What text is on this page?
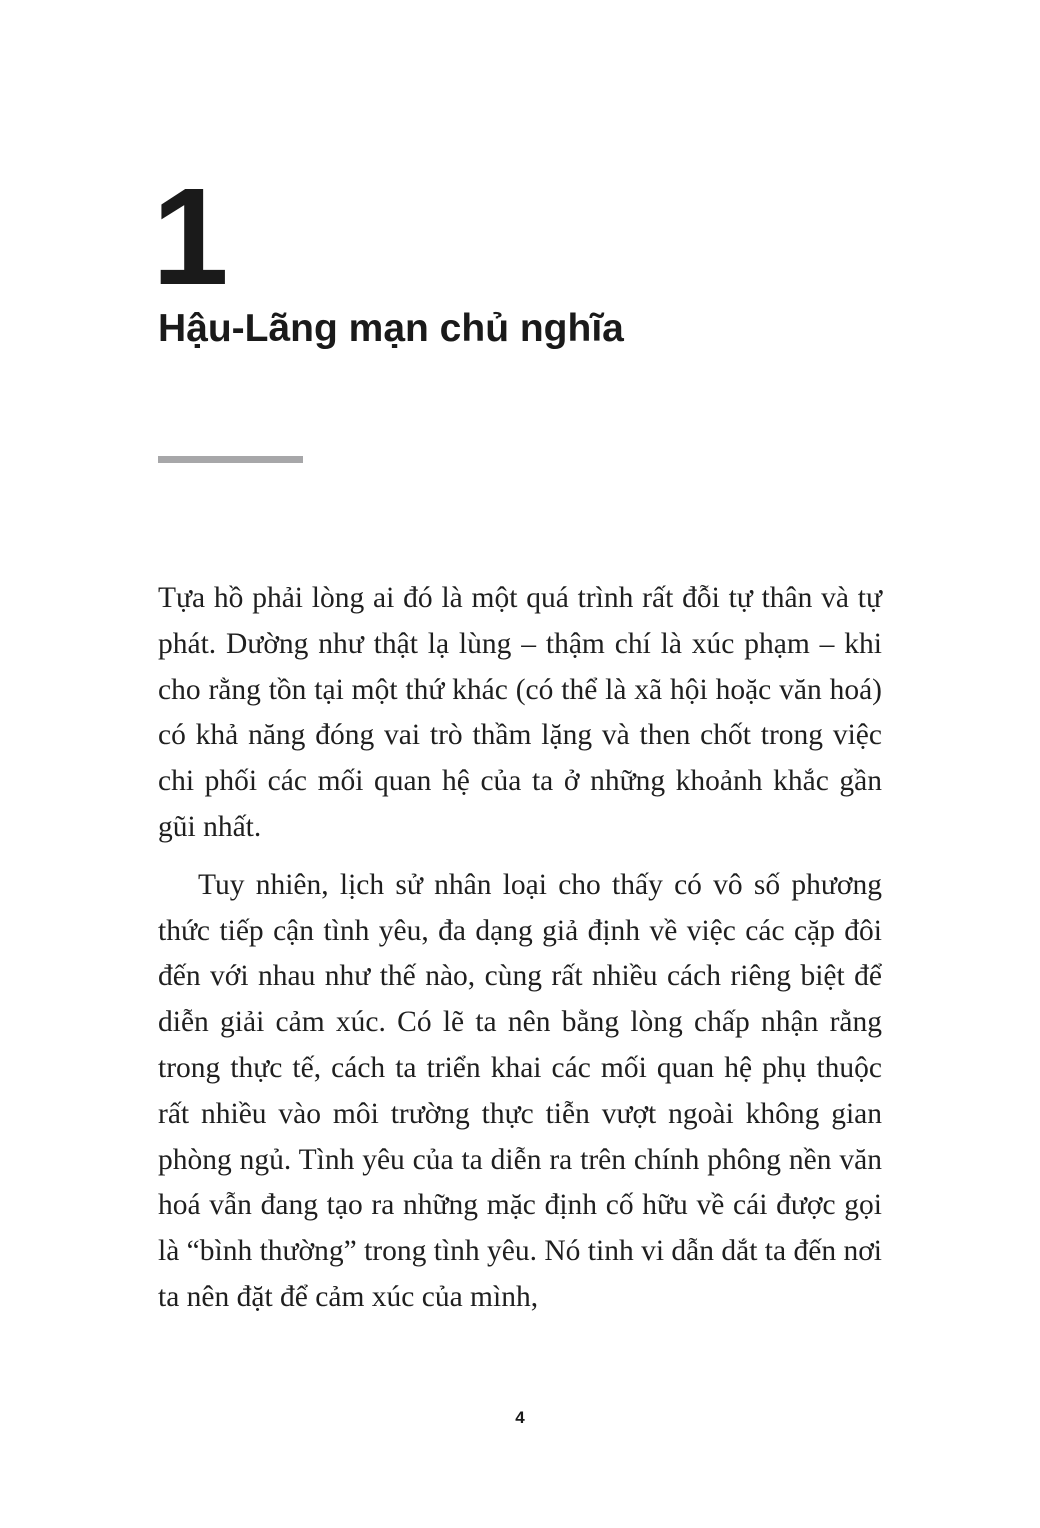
1
Hậu-Lãng mạn chủ nghĩa

Tựa hồ phải lòng ai đó là một quá trình rất đỗi tự thân và tự phát. Dường như thật lạ lùng – thậm chí là xúc phạm – khi cho rằng tồn tại một thứ khác (có thể là xã hội hoặc văn hoá) có khả năng đóng vai trò thầm lặng và then chốt trong việc chi phối các mối quan hệ của ta ở những khoảnh khắc gần gũi nhất.

Tuy nhiên, lịch sử nhân loại cho thấy có vô số phương thức tiếp cận tình yêu, đa dạng giả định về việc các cặp đôi đến với nhau như thế nào, cùng rất nhiều cách riêng biệt để diễn giải cảm xúc. Có lẽ ta nên bằng lòng chấp nhận rằng trong thực tế, cách ta triển khai các mối quan hệ phụ thuộc rất nhiều vào môi trường thực tiễn vượt ngoài không gian phòng ngủ. Tình yêu của ta diễn ra trên chính phông nền văn hoá vẫn đang tạo ra những mặc định cố hữu về cái được gọi là “bình thường” trong tình yêu. Nó tinh vi dẫn dắt ta đến nơi ta nên đặt để cảm xúc của mình,

4
